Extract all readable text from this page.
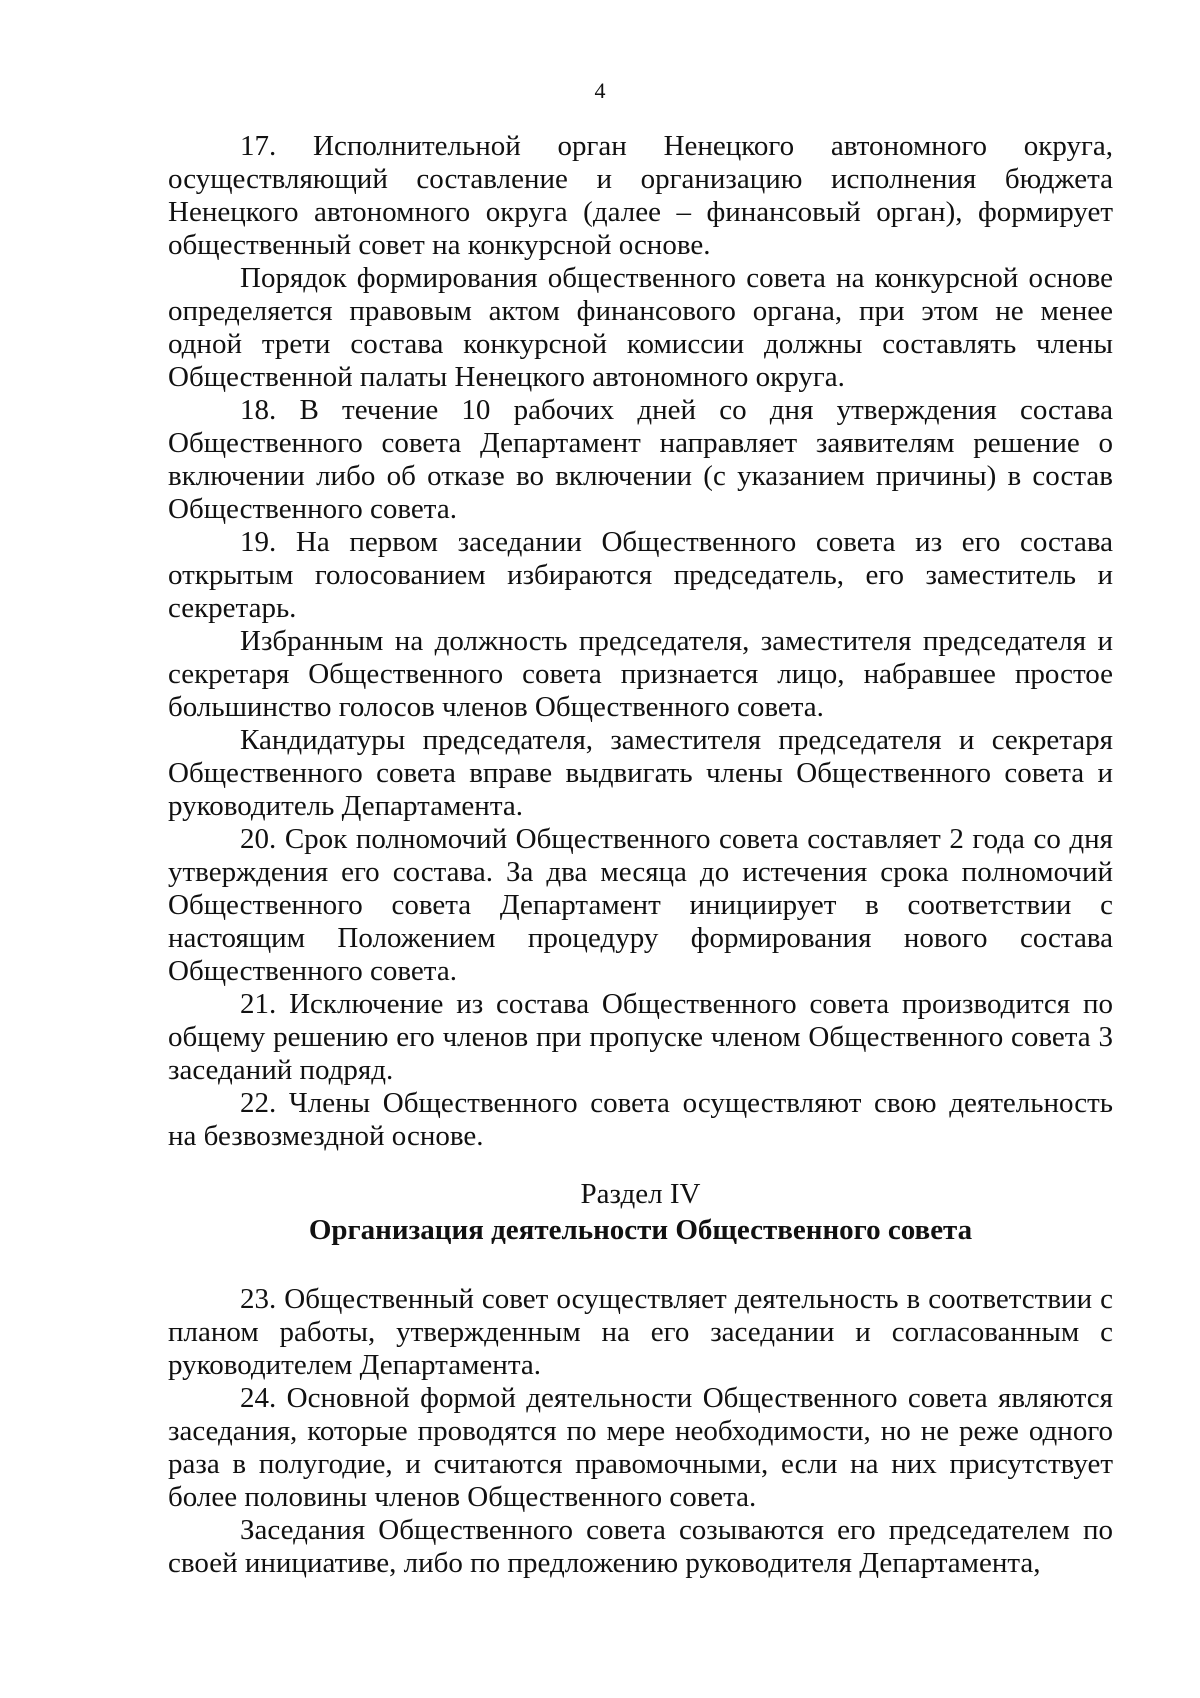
4

17. Исполнительной орган Ненецкого автономного округа, осуществляющий составление и организацию исполнения бюджета Ненецкого автономного округа (далее – финансовый орган), формирует общественный совет на конкурсной основе.

Порядок формирования общественного совета на конкурсной основе определяется правовым актом финансового органа, при этом не менее одной трети состава конкурсной комиссии должны составлять члены Общественной палаты Ненецкого автономного округа.

18. В течение 10 рабочих дней со дня утверждения состава Общественного совета Департамент направляет заявителям решение о включении либо об отказе во включении (с указанием причины) в состав Общественного совета.

19. На первом заседании Общественного совета из его состава открытым голосованием избираются председатель, его заместитель и секретарь.

Избранным на должность председателя, заместителя председателя и секретаря Общественного совета признается лицо, набравшее простое большинство голосов членов Общественного совета.

Кандидатуры председателя, заместителя председателя и секретаря Общественного совета вправе выдвигать члены Общественного совета и руководитель Департамента.

20. Срок полномочий Общественного совета составляет 2 года со дня утверждения его состава. За два месяца до истечения срока полномочий Общественного совета Департамент инициирует в соответствии с настоящим Положением процедуру формирования нового состава Общественного совета.

21. Исключение из состава Общественного совета производится по общему решению его членов при пропуске членом Общественного совета 3 заседаний подряд.

22. Члены Общественного совета осуществляют свою деятельность на безвозмездной основе.

Раздел IV

Организация деятельности Общественного совета

23. Общественный совет осуществляет деятельность в соответствии с планом работы, утвержденным на его заседании и согласованным с руководителем Департамента.

24. Основной формой деятельности Общественного совета являются заседания, которые проводятся по мере необходимости, но не реже одного раза в полугодие, и считаются правомочными, если на них присутствует более половины членов Общественного совета.

Заседания Общественного совета созываются его председателем по своей инициативе, либо по предложению руководителя Департамента,
